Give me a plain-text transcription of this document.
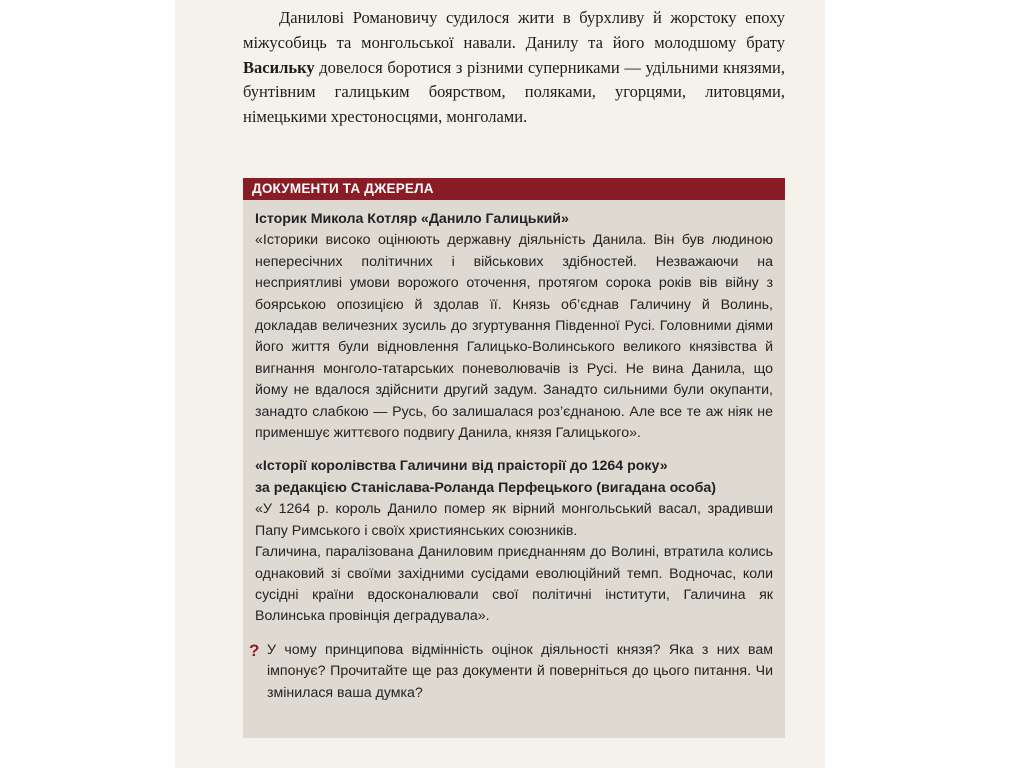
Данилові Романовичу судилося жити в бурхливу й жорстоку епоху міжусобиць та монгольської навали. Данилу та його молодшому брату Васильку довелося боротися з різними суперниками — удільними князями, бунтівним галицьким боярством, поляками, угорцями, литовцями, німецькими хрестоносцями, монголами.
ДОКУМЕНТИ ТА ДЖЕРЕЛА
Історик Микола Котляр «Данило Галицький»
«Історики високо оцінюють державну діяльність Данила. Він був людиною непересічних політичних і військових здібностей. Незважаючи на несприятливі умови ворожого оточення, протягом сорока років вів війну з боярською опозицією й здолав її. Князь об’єднав Галичину й Волинь, докладав величезних зусиль до згуртування Південної Русі. Головними діями його життя були відновлення Галицько-Волинського великого князівства й вигнання монголо-татарських поневолювачів із Русі. Не вина Данила, що йому не вдалося здійснити другий задум. Занадто сильними були окупанти, занадто слабкою — Русь, бо залишалася роз’єднаною. Але все те аж ніяк не применшує життєвого подвигу Данила, князя Галицького».
«Історії королівства Галичини від праісторії до 1264 року»
за редакцією Станіслава-Роланда Перфецького (вигадана особа)

«У 1264 р. король Данило помер як вірний монгольський васал, зрадивши Папу Римського і своїх християнських союзників.

Галичина, паралізована Даниловим приєднанням до Волині, втратила колись однаковий зі своїми західними сусідами еволюційний темп. Водночас, коли сусідні країни вдосконалювали свої політичні інститути, Галичина як Волинська провінція деградувала».

? У чому принципова відмінність оцінок діяльності князя? Яка з них вам імпонує? Прочитайте ще раз документи й поверніться до цього питання. Чи змінилася ваша думка?
